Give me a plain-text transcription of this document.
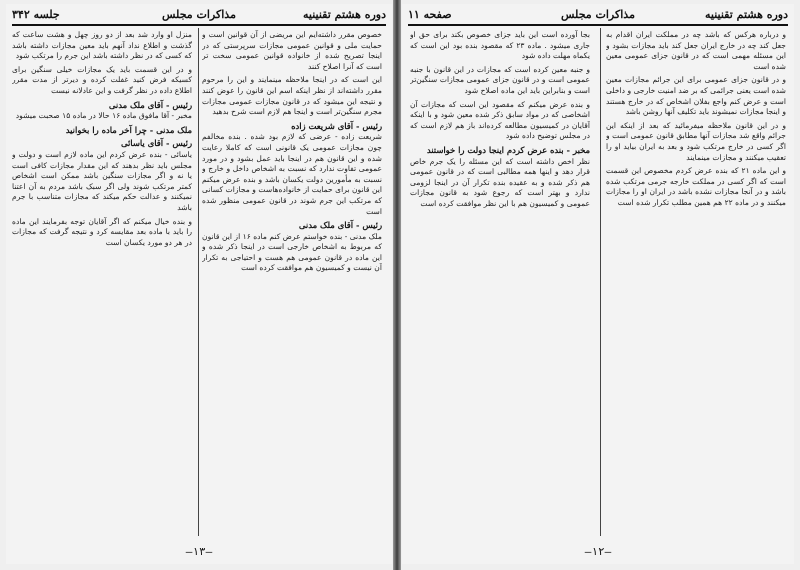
دوره هشتم تقنینیه
مذاکرات مجلس
جلسه ۳۴۲

خصوص مقرر داشته‌ایم این مریضی از آن قوانین است و حمایت ملی و قوانین عمومی مجازات سرپرستی که در اینجا تصریح شده از خانواده قوانین عمومی سخت تر است که آنرا اصلاح کنند

این است که در اینجا ملاحظه مینمایند و این را مرحوم مقرر داشته‌اند از نظر اینکه اسم این قانون را عوض کنند و نتیجه این میشود که در قانون مجازات عمومی مجازات مجرم سنگین‌تر است و اینجا هم لازم است شرح بدهید

رئیس - آقای شریعت زاده

شریعت زاده - عرضی که لازم بود شده . بنده مخالفم چون مجازات عمومی یک قانونی است که کاملا رعایت شده و این قانون هم در اینجا باید عمل بشود و در مورد عمومی تفاوت ندارد که نسبت به اشخاص داخل و خارج و نسبت به مأمورین دولت یکسان باشد و بنده عرض میکنم این قانون برای حمایت از خانواده‌هاست و مجازات کسانی که مرتکب این جرم شوند در قانون عمومی منظور شده است

رئیس - آقای ملک مدنی

ملک مدنی - بنده خواستم عرض کنم ماده ۱۶ از این قانون که مربوط به اشخاص خارجی است در اینجا ذکر شده و این ماده در قانون عمومی هم هست و احتیاجی به تکرار آن نیست و کمیسیون هم موافقت کرده است

منزل او وارد شد بعد از دو روز چهل و هشت ساعت که گذشت و اطلاع نداد آنهم باید معین مجازات داشته باشد که کسی که در نظر داشته باشد این جرم را مرتکب شود

و در این قسمت باید یک مجازات خیلی سنگین برای کسیکه فرض کنید غفلت کرده و دیرتر از مدت مقرر اطلاع داده در نظر گرفت و این عادلانه نیست

رئیس - آقای ملک مدنی

مخبر - آقا مافوق ماده ۱۶ حالا در ماده ۱۵ صحبت میشود

ملک مدنی - چرا آخر ماده را بخوانید
رئیس - آقای یاسائی

یاسائی - بنده عرض کردم این ماده لازم است و دولت و مجلس باید نظر بدهند که این مقدار مجازات کافی است یا نه و اگر مجازات سنگین باشد ممکن است اشخاص کمتر مرتکب شوند ولی اگر سبک باشد مردم به آن اعتنا نمیکنند و عدالت حکم میکند که مجازات متناسب با جرم باشد

و بنده خیال میکنم که اگر آقایان توجه بفرمایند این ماده را باید با ماده بعد مقایسه کرد و نتیجه گرفت که مجازات در هر دو مورد یکسان است

—۱۳—
دوره هشتم تقنینیه
مذاکرات مجلس
صفحه ۱۱

و درباره هرکس که باشد چه در مملکت ایران اقدام به جعل کند چه در خارج ایران جعل کند باید مجازات بشود و این مسئله مهمی است که در قانون جزای عمومی معین شده است

و در قانون جزای عمومی برای این جرائم مجازات معین شده است یعنی جرائمی که بر ضد امنیت خارجی و داخلی است و عرض کنم واجع بفلان اشخاص که در خارج هستند و اینجا مجازات نمیشوند باید تکلیف آنها روشن باشد

و در این قانون ملاحظه میفرمائید که بعد از اینکه این جرائم واقع شد مجازات آنها مطابق قانون عمومی است و اگر کسی در خارج مرتکب شود و بعد به ایران بیاید او را تعقیب میکنند و مجازات مینمایند

و این ماده ۲۱ که بنده عرض کردم مخصوص این قسمت است که اگر کسی در مملکت خارجه جرمی مرتکب شده باشد و در آنجا مجازات نشده باشد در ایران او را مجازات میکنند و در ماده ۲۲ هم همین مطلب تکرار شده است

بجا آورده است این باید جزای خصوص بکند برای حق او جاری میشود . ماده ۲۳ که مقصود بنده بود این است که یکماه مهلت داده شود

و جنبه معین کرده است که مجازات در این قانون با جنبه عمومی است و در قانون جزای عمومی مجازات سنگین‌تر است و بنابراین باید این ماده اصلاح شود

و بنده عرض میکنم که مقصود این است که مجازات آن اشخاصی که در مواد سابق ذکر شده معین شود و با اینکه آقایان در کمیسیون مطالعه کرده‌اند باز هم لازم است که در مجلس توضیح داده شود

مخبر - بنده عرض کردم اینجا دولت را خواستند

نظر اخص داشته است که این مسئله را یک جرم خاص قرار دهد و اینها همه مطالبی است که در قانون عمومی هم ذکر شده و به عقیده بنده تکرار آن در اینجا لزومی ندارد و بهتر است که رجوع شود به قانون مجازات عمومی و کمیسیون هم با این نظر موافقت کرده است

—۱۲—
